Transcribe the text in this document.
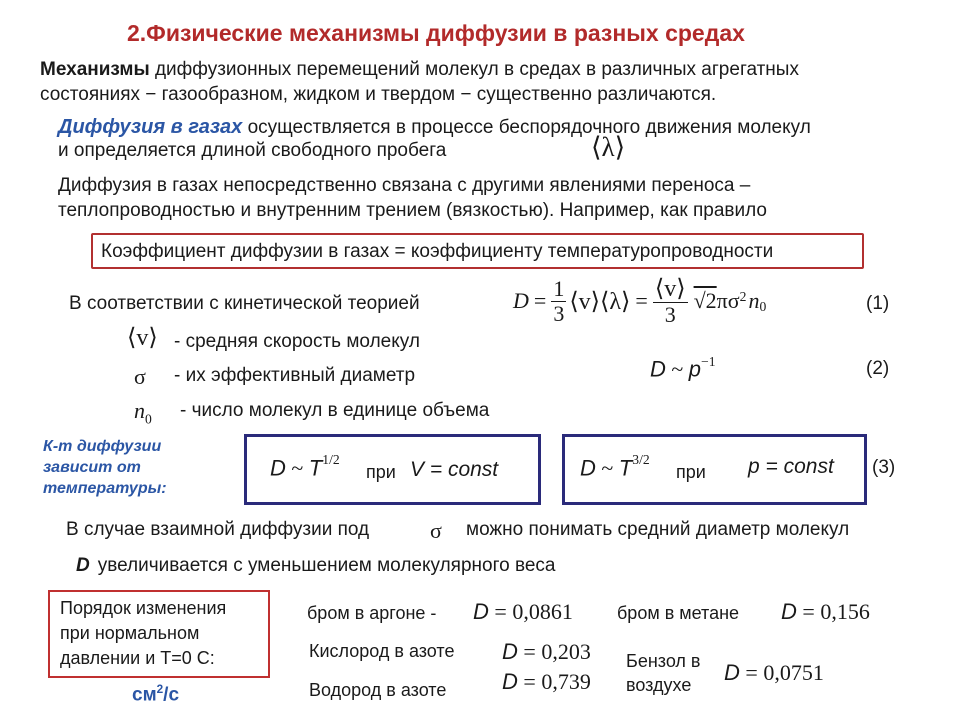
2.Физические механизмы диффузии в разных средах
Механизмы диффузионных перемещений молекул в средах в различных агрегатных
состояниях − газообразном, жидком и твердом − существенно различаются.
Диффузия в газах осуществляется в процессе беспорядочного движения молекул
и определяется длиной свободного пробега	⟨λ⟩
Диффузия в газах непосредственно связана с другими явлениями переноса –
теплопроводностью и внутренним трением (вязкостью). Например, как правило
Коэффициент диффузии в газах = коэффициенту температуропроводности
В соответствии с кинетической теорией	$D = \frac{1}{3}$ ⟨v⟩ ⟨λ⟩ = $\frac{⟨v⟩}{3} √2$ $\pi\sigma^2$ $n_0$	(1)
⟨v⟩ - средняя скорость молекул
σ - их эффективный диаметр
$n_0$ - число молекул в единице объема
D ~ $p^{-1}$	(2)
К-т диффузии
зависит от
температуры:
D ~ $T^{1/2}$
при V = const	D ~ $T^{3/2}$
при p = const (3)
В случае взаимной диффузии под	σ можно понимать средний диаметр молекул
D увеличивается с уменьшением молекулярного веса
Порядок изменения
при нормальном
давлении и Т=0 С:
$см^2/с$
бром в аргоне - D = 0,0861 бром в метане D = 0,156
Кислород в азоте D = 0,203
Водород в азоте	D = 0,739
Бензол в
воздухе	D = 0,0751
